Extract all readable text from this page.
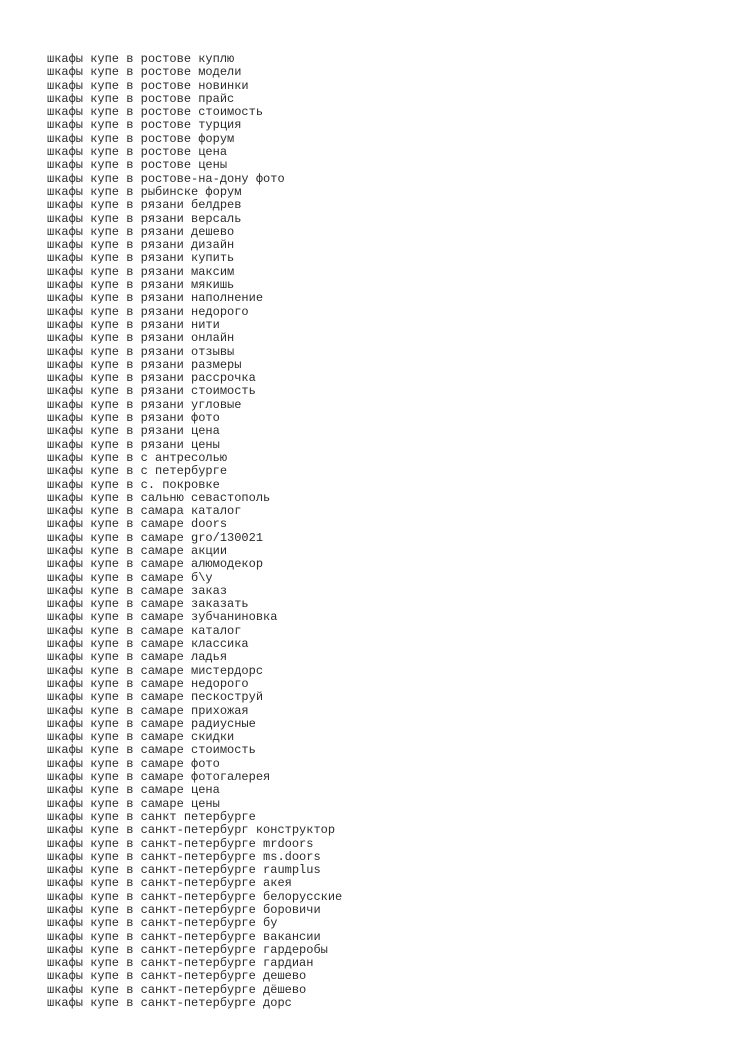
шкафы купе в ростове куплю
шкафы купе в ростове модели
шкафы купе в ростове новинки
шкафы купе в ростове прайс
шкафы купе в ростове стоимость
шкафы купе в ростове турция
шкафы купе в ростове форум
шкафы купе в ростове цена
шкафы купе в ростове цены
шкафы купе в ростове-на-дону фото
шкафы купе в рыбинске форум
шкафы купе в рязани белдрев
шкафы купе в рязани версаль
шкафы купе в рязани дешево
шкафы купе в рязани дизайн
шкафы купе в рязани купить
шкафы купе в рязани максим
шкафы купе в рязани мякишь
шкафы купе в рязани наполнение
шкафы купе в рязани недорого
шкафы купе в рязани нити
шкафы купе в рязани онлайн
шкафы купе в рязани отзывы
шкафы купе в рязани размеры
шкафы купе в рязани рассрочка
шкафы купе в рязани стоимость
шкафы купе в рязани угловые
шкафы купе в рязани фото
шкафы купе в рязани цена
шкафы купе в рязани цены
шкафы купе в с антресолью
шкафы купе в с петербурге
шкафы купе в с. покровке
шкафы купе в сальню севастополь
шкафы купе в самара каталог
шкафы купе в самаре doors
шкафы купе в самаре gro/130021
шкафы купе в самаре акции
шкафы купе в самаре алюмодекор
шкафы купе в самаре б\у
шкафы купе в самаре заказ
шкафы купе в самаре заказать
шкафы купе в самаре зубчаниновка
шкафы купе в самаре каталог
шкафы купе в самаре классика
шкафы купе в самаре ладья
шкафы купе в самаре мистердорс
шкафы купе в самаре недорого
шкафы купе в самаре пескоструй
шкафы купе в самаре прихожая
шкафы купе в самаре радиусные
шкафы купе в самаре скидки
шкафы купе в самаре стоимость
шкафы купе в самаре фото
шкафы купе в самаре фотогалерея
шкафы купе в самаре цена
шкафы купе в самаре цены
шкафы купе в санкт петербурге
шкафы купе в санкт-петербург конструктор
шкафы купе в санкт-петербурге mrdoors
шкафы купе в санкт-петербурге ms.doors
шкафы купе в санкт-петербурге raumplus
шкафы купе в санкт-петербурге акея
шкафы купе в санкт-петербурге белорусские
шкафы купе в санкт-петербурге боровичи
шкафы купе в санкт-петербурге бу
шкафы купе в санкт-петербурге вакансии
шкафы купе в санкт-петербурге гардеробы
шкафы купе в санкт-петербурге гардиан
шкафы купе в санкт-петербурге дешево
шкафы купе в санкт-петербурге дёшево
шкафы купе в санкт-петербурге дорс
